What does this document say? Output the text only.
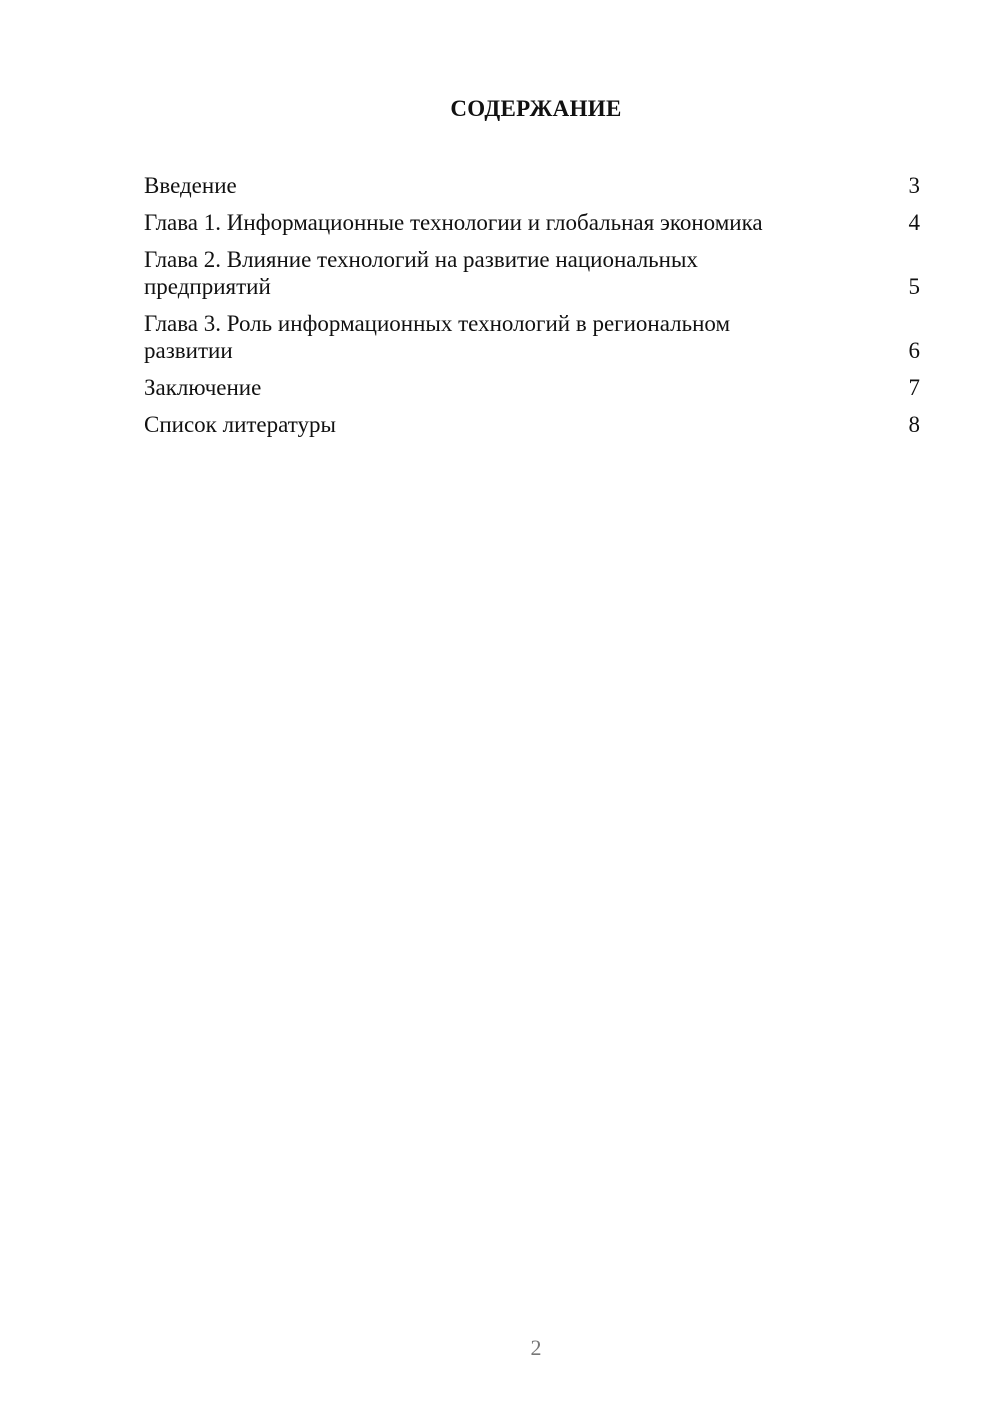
СОДЕРЖАНИЕ
Введение	3
Глава 1. Информационные технологии и глобальная экономика	4
Глава 2. Влияние технологий на развитие национальных предприятий	5
Глава 3. Роль информационных технологий в региональном развитии	6
Заключение	7
Список литературы	8
2
